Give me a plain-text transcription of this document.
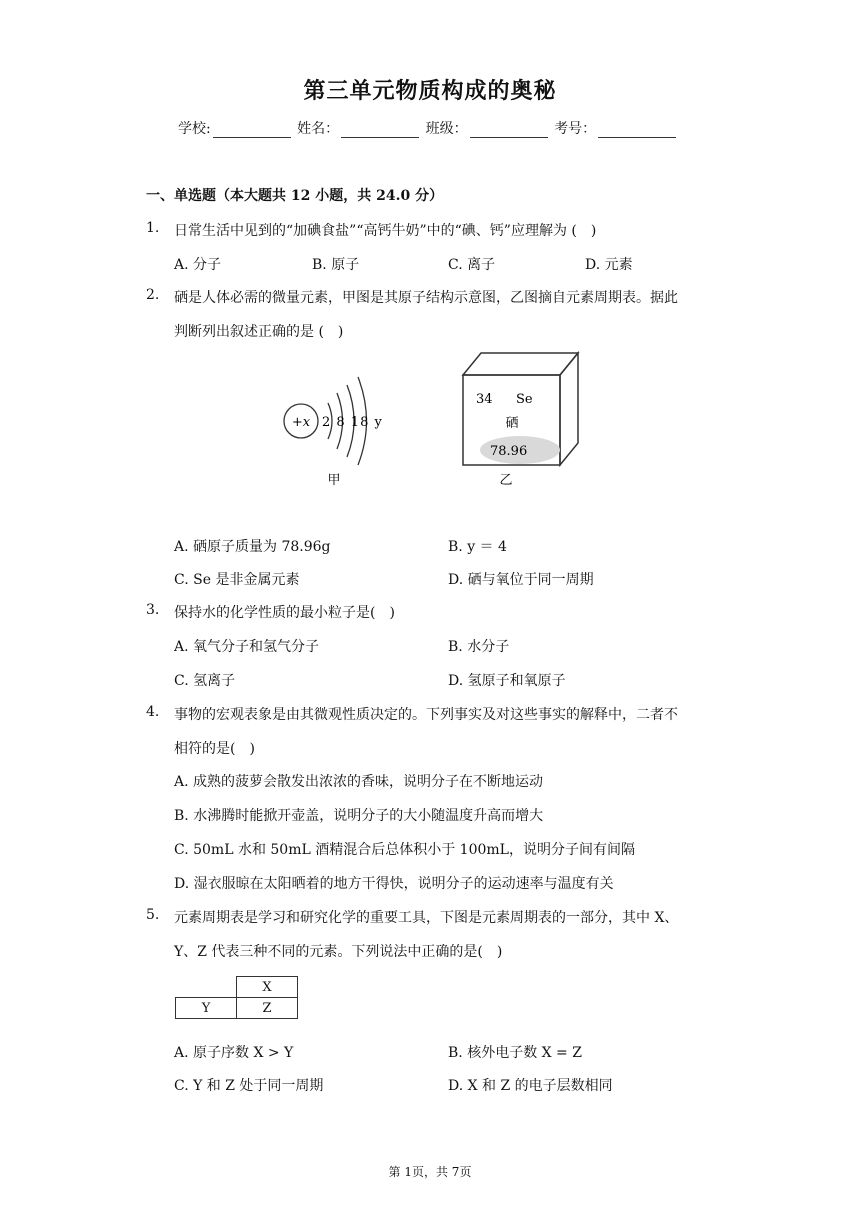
第三单元物质构成的奥秘
学校:	姓名：	班级：	考号：
一、单选题（本大题共 12 小题，共 24.0 分）
1. 日常生活中见到的“加碘食盐”“高钙牛奶”中的“碘、钙”应理解为 (　)
A. 分子	B. 原子	C. 离子	D. 元素
2. 硒是人体必需的微量元素，甲图是其原子结构示意图，乙图摘自元素周期表。据此
判断列出叙述正确的是 (　)
+x 2 8 18 y
甲
34 Se
硒
78.96
乙
A. 硒原子质量为 78.96g	B. y ＝ 4
C. Se 是非金属元素	D. 硒与氧位于同一周期
3. 保持水的化学性质的最小粒子是(　)
A. 氧气分子和氢气分子	B. 水分子
C. 氢离子	D. 氢原子和氧原子
4. 事物的宏观表象是由其微观性质决定的。下列事实及对这些事实的解释中，二者不
相符的是(　)
A. 成熟的菠萝会散发出浓浓的香味，说明分子在不断地运动
B. 水沸腾时能掀开壶盖，说明分子的大小随温度升高而增大
C. 50mL 水和 50mL 酒精混合后总体积小于 100mL，说明分子间有间隔
D. 湿衣服晾在太阳晒着的地方干得快，说明分子的运动速率与温度有关
5. 元素周期表是学习和研究化学的重要工具，下图是元素周期表的一部分，其中 X、
Y、Z 代表三种不同的元素。下列说法中正确的是(　)
	X
Y	Z
A. 原子序数 X > Y	B. 核外电子数 X = Z
C. Y 和 Z 处于同一周期	D. X 和 Z 的电子层数相同
第 1页，共 7页
